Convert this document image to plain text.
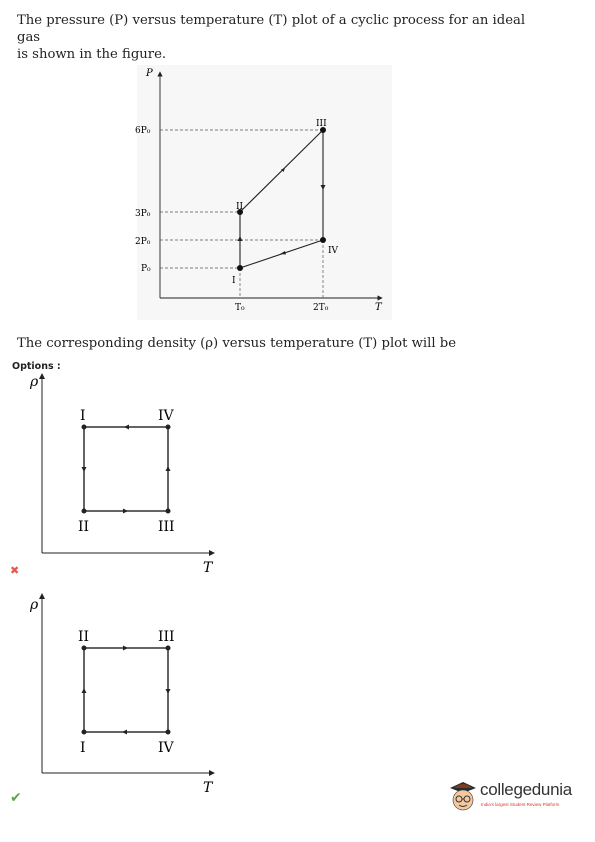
The pressure (P) versus temperature (T) plot of a cyclic process for an ideal gas
is shown in the figure.
P
T
6P₀
3P₀
2P₀
P₀
T₀	2T₀
I
II
III
IV
ρ
T
I	IV
II	III
ρ
T
II	III
I	IV
The corresponding density (ρ) versus temperature (T) plot will be
Options :
✖
✔	collegedunia
India's largest Student Review Platform
